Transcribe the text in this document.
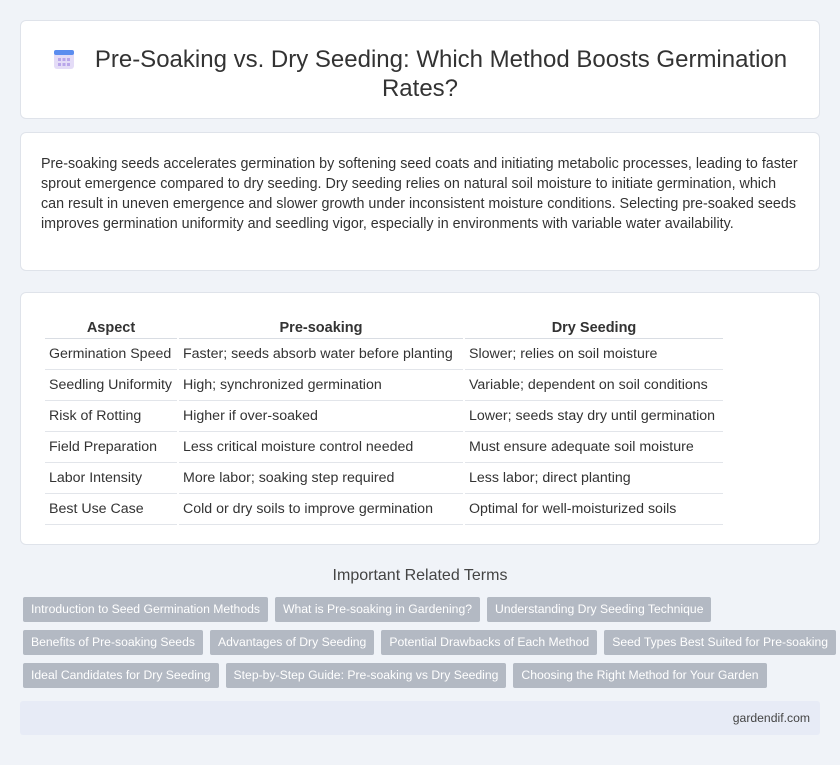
Pre-Soaking vs. Dry Seeding: Which Method Boosts Germination Rates?

Pre-soaking seeds accelerates germination by softening seed coats and initiating metabolic processes, leading to faster sprout emergence compared to dry seeding. Dry seeding relies on natural soil moisture to initiate germination, which can result in uneven emergence and slower growth under inconsistent moisture conditions. Selecting pre-soaked seeds improves germination uniformity and seedling vigor, especially in environments with variable water availability.

Aspect	Pre-soaking	Dry Seeding
Germination Speed	Faster; seeds absorb water before planting	Slower; relies on soil moisture
Seedling Uniformity	High; synchronized germination	Variable; dependent on soil conditions
Risk of Rotting	Higher if over-soaked	Lower; seeds stay dry until germination
Field Preparation	Less critical moisture control needed	Must ensure adequate soil moisture
Labor Intensity	More labor; soaking step required	Less labor; direct planting
Best Use Case	Cold or dry soils to improve germination	Optimal for well-moisturized soils
Important Related Terms
Introduction to Seed Germination Methods	What is Pre-soaking in Gardening?	Understanding Dry Seeding Technique
Benefits of Pre-soaking Seeds	Advantages of Dry Seeding	Potential Drawbacks of Each Method	Seed Types Best Suited for Pre-soaking
Ideal Candidates for Dry Seeding	Step-by-Step Guide: Pre-soaking vs Dry Seeding	Choosing the Right Method for Your Garden
gardendif.com
